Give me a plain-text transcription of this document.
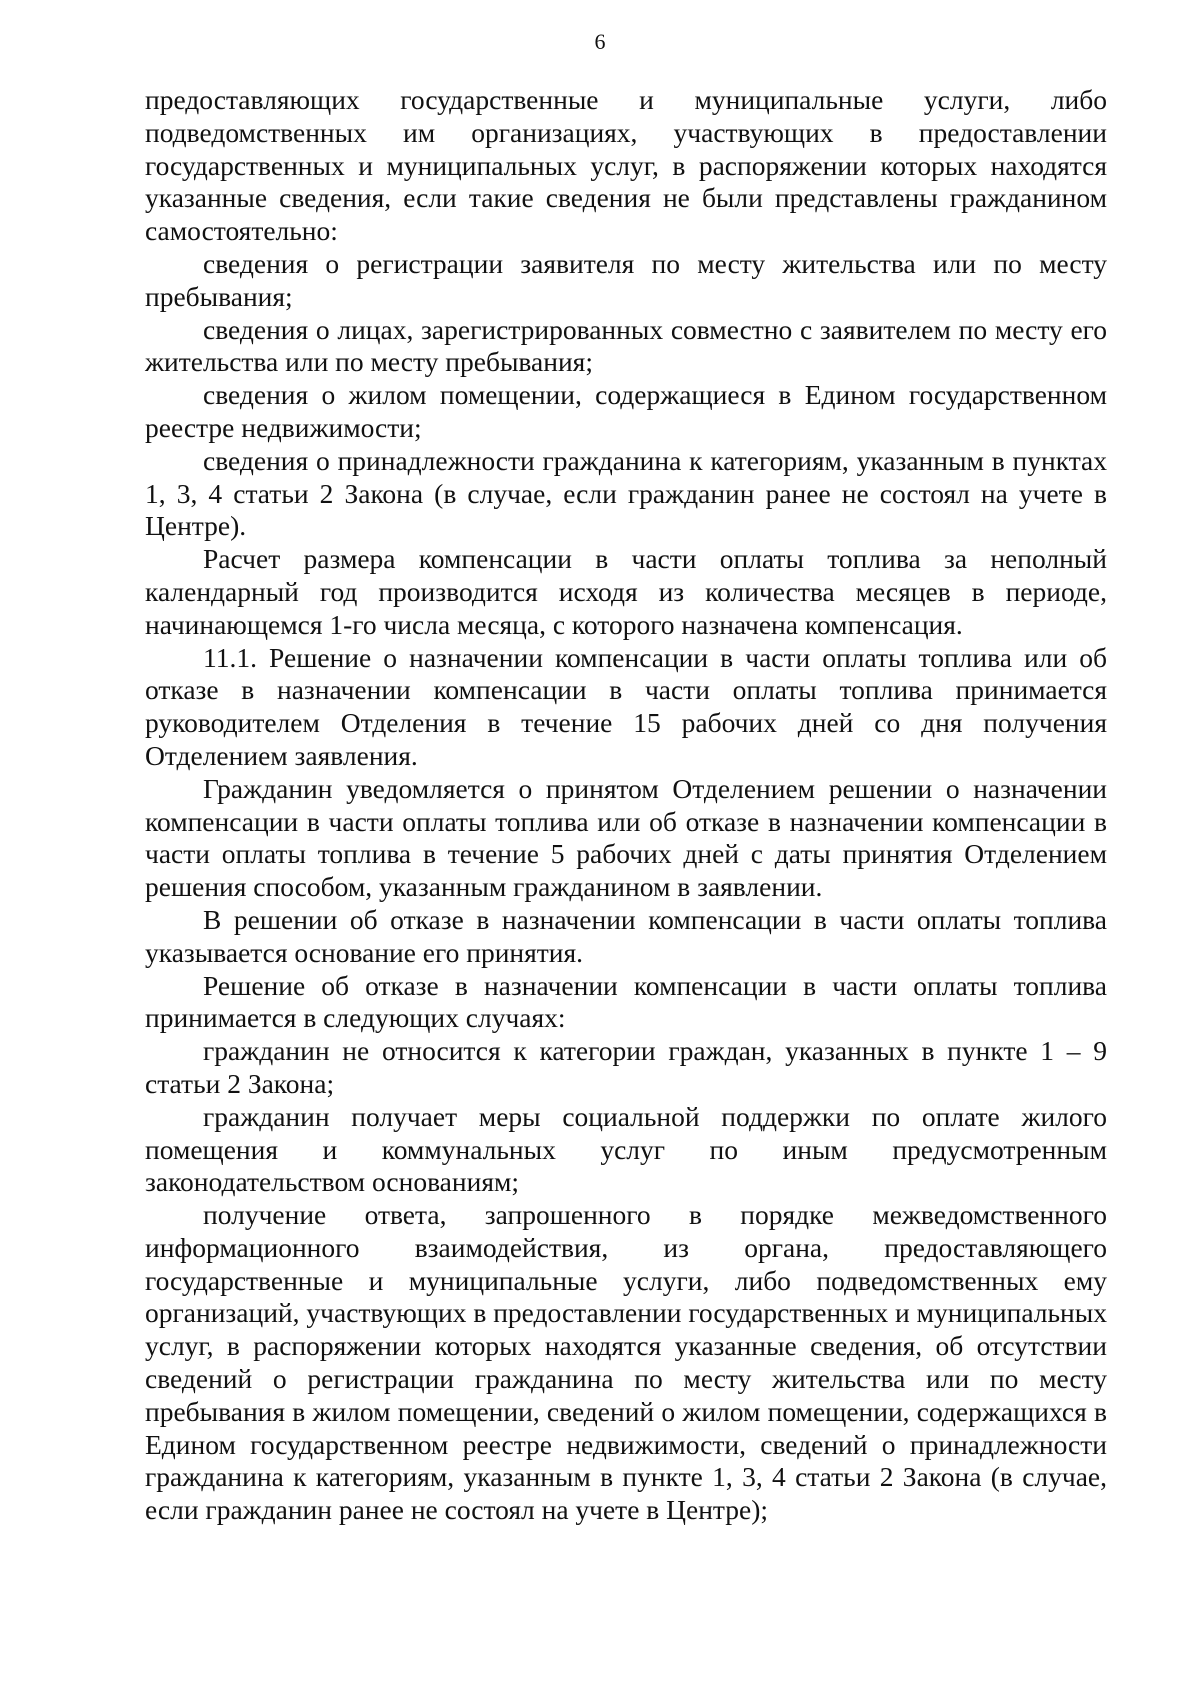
6

предоставляющих государственные и муниципальные услуги, либо подведомственных им организациях, участвующих в предоставлении государственных и муниципальных услуг, в распоряжении которых находятся указанные сведения, если такие сведения не были представлены гражданином самостоятельно:

сведения о регистрации заявителя по месту жительства или по месту пребывания;

сведения о лицах, зарегистрированных совместно с заявителем по месту его жительства или по месту пребывания;

сведения о жилом помещении, содержащиеся в Едином государственном реестре недвижимости;

сведения о принадлежности гражданина к категориям, указанным в пунктах 1, 3, 4 статьи 2 Закона (в случае, если гражданин ранее не состоял на учете в Центре).

Расчет размера компенсации в части оплаты топлива за неполный календарный год производится исходя из количества месяцев в периоде, начинающемся 1-го числа месяца, с которого назначена компенсация.

11.1. Решение о назначении компенсации в части оплаты топлива или об отказе в назначении компенсации в части оплаты топлива принимается руководителем Отделения в течение 15 рабочих дней со дня получения Отделением заявления.

Гражданин уведомляется о принятом Отделением решении о назначении компенсации в части оплаты топлива или об отказе в назначении компенсации в части оплаты топлива в течение 5 рабочих дней с даты принятия Отделением решения способом, указанным гражданином в заявлении.

В решении об отказе в назначении компенсации в части оплаты топлива указывается основание его принятия.

Решение об отказе в назначении компенсации в части оплаты топлива принимается в следующих случаях:

гражданин не относится к категории граждан, указанных в пункте 1 – 9 статьи 2 Закона;

гражданин получает меры социальной поддержки по оплате жилого помещения и коммунальных услуг по иным предусмотренным законодательством основаниям;

получение ответа, запрошенного в порядке межведомственного информационного взаимодействия, из органа, предоставляющего государственные и муниципальные услуги, либо подведомственных ему организаций, участвующих в предоставлении государственных и муниципальных услуг, в распоряжении которых находятся указанные сведения, об отсутствии сведений о регистрации гражданина по месту жительства или по месту пребывания в жилом помещении, сведений о жилом помещении, содержащихся в Едином государственном реестре недвижимости, сведений о принадлежности гражданина к категориям, указанным в пункте 1, 3, 4 статьи 2 Закона (в случае, если гражданин ранее не состоял на учете в Центре);
